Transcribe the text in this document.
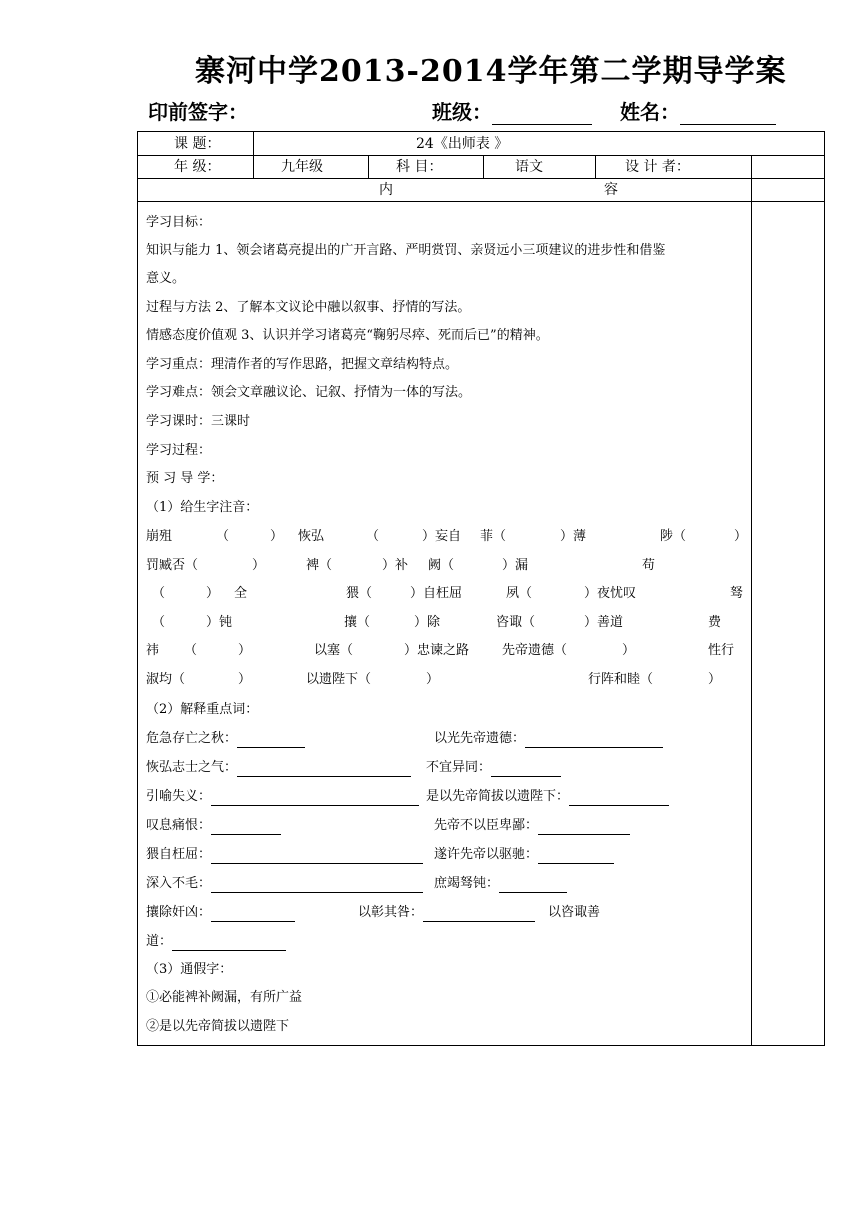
寨河中学2013-2014学年第二学期导学案
印前签字：	班级：	姓名：
课 题：	24《出师表 》
年 级：	九年级	科 目：	语文	设 计 者：
内	容
学习目标：
知识与能力 1、领会诸葛亮提出的广开言路、严明赏罚、亲贤远小三项建议的进步性和借鉴
意义。
过程与方法 2、了解本文议论中融以叙事、抒情的写法。
情感态度价值观 3、认识并学习诸葛亮“鞠躬尽瘁、死而后已”的精神。
学习重点：理清作者的写作思路，把握文章结构特点。
学习难点：领会文章融议论、记叙、抒情为一体的写法。
学习课时：三课时
学习过程：
预 习 导 学：
（1）给生字注音：
（2）解释重点词：
（3）通假字：
①必能裨补阙漏，有所广益
②是以先帝简拔以遗陛下
崩殂	（	） 恢弘	（	）妄自 菲（	）薄	陟（	）
罚臧否（	）	裨（	）补 阙（	）漏	苟
（	） 全	猥（	）自枉屈	夙（	）夜忧叹	驽
（	）钝	攘（	）除	咨诹（	）善道	费
祎 （	）	以塞（	）忠谏之路	先帝遗德（	）	性行
淑均（	）	以遗陛下（	）	行阵和睦（	）
危急存亡之秋：	以光先帝遗德：
恢弘志士之气：	不宜异同：
引喻失义：	是以先帝简拔以遗陛下：
叹息痛恨：	先帝不以臣卑鄙：
猥自枉屈：	遂许先帝以驱驰：
深入不毛：	庶竭驽钝：
攘除奸凶：	以彰其咎：	以咨诹善
道：
